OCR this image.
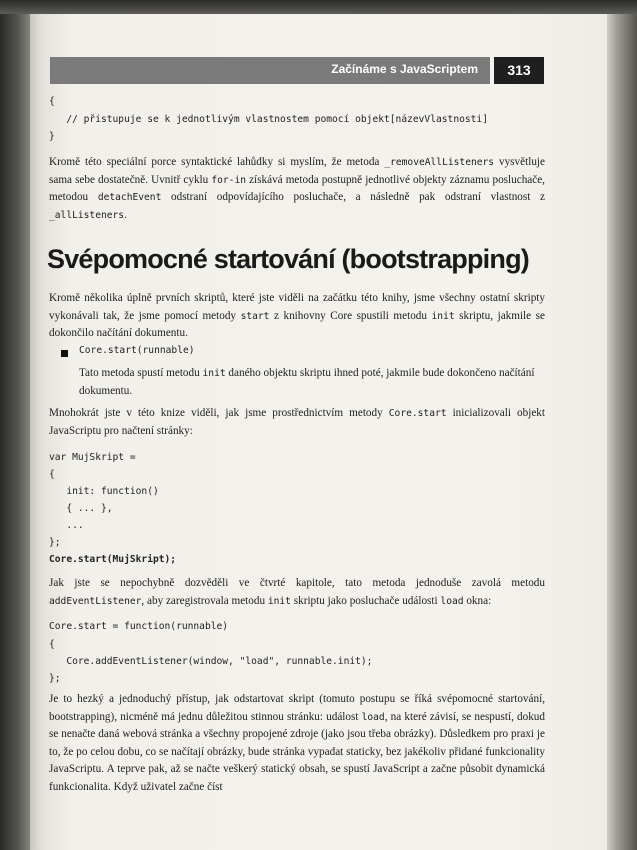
Začínáme s JavaScriptem	313
{
// přistupuje se k jednotlivým vlastnostem pomocí objekt[názevVlastnosti]
}
Kromě této speciální porce syntaktické lahůdky si myslím, že metoda _removeAllListeners vysvětluje sama sebe dostatečně. Uvnitř cyklu for-in získává metoda postupně jednotlivé objekty záznamu posluchače, metodou detachEvent odstraní odpovídajícího posluchače, a následně pak odstraní vlastnost z _allListeners.
Svépomocné startování (bootstrapping)
Kromě několika úplně prvních skriptů, které jste viděli na začátku této knihy, jsme všechny ostatní skripty vykonávali tak, že jsme pomocí metody start z knihovny Core spustili metodu init skriptu, jakmile se dokončilo načítání dokumentu.
Core.start(runnable)
Tato metoda spustí metodu init daného objektu skriptu ihned poté, jakmile bude dokončeno načítání dokumentu.
Mnohokrát jste v této knize viděli, jak jsme prostřednictvím metody Core.start inicializovali objekt JavaScriptu pro načtení stránky:
var MujSkript =
{
init: function()
{ ... },
...
};
Core.start(MujSkript);
Jak jste se nepochybně dozvěděli ve čtvrté kapitole, tato metoda jednoduše zavolá metodu addEventListener, aby zaregistrovala metodu init skriptu jako posluchače události load okna:
Core.start = function(runnable)
{
Core.addEventListener(window, "load", runnable.init);
};
Je to hezký a jednoduchý přístup, jak odstartovat skript (tomuto postupu se říká svépomocné startování, bootstrapping), nicméně má jednu důležitou stinnou stránku: událost load, na které závisí, se nespustí, dokud se nenačte daná webová stránka a všechny propojené zdroje (jako jsou třeba obrázky). Důsledkem pro praxi je to, že po celou dobu, co se načítají obrázky, bude stránka vypadat staticky, bez jakékoliv přidané funkcionality JavaScriptu. A teprve pak, až se načte veškerý statický obsah, se spustí JavaScript a začne působit dynamická funkcionalita. Když uživatel začne číst
